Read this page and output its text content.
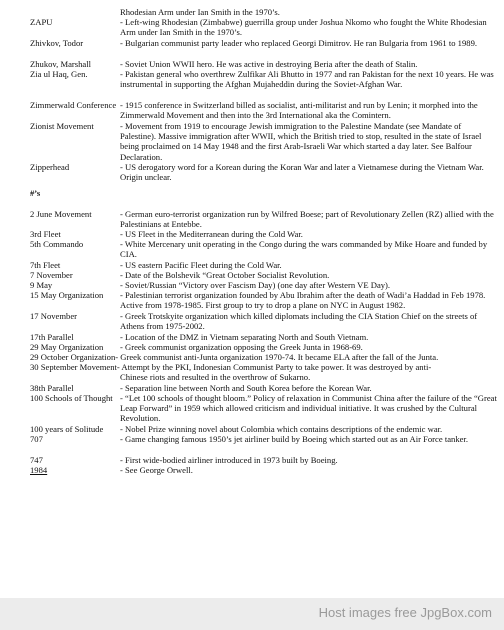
Rhodesian Arm under Ian Smith in the 1970’s.
ZAPU	- Left-wing Rhodesian (Zimbabwe) guerrilla group under Joshua Nkomo who fought the White Rhodesian Arm under Ian Smith in the 1970’s.
Zhivkov, Todor	- Bulgarian communist party leader who replaced Georgi Dimitrov. He ran Bulgaria from 1961 to 1989.
Zhukov, Marshall	- Soviet Union WWII hero. He was active in destroying Beria after the death of Stalin.
Zia ul Haq, Gen.	- Pakistan general who overthrew Zulfikar Ali Bhutto in 1977 and ran Pakistan for the next 10 years. He was instrumental in supporting the Afghan Mujaheddin during the Soviet-Afghan War.
Zimmerwald Conference - 1915 conference in Switzerland billed as socialist, anti-militarist and run by Lenin; it morphed into the Zimmerwald Movement and then into the 3rd International aka the Comintern.
Zionist Movement	- Movement from 1919 to encourage Jewish immigration to the Palestine Mandate (see Mandate of Palestine). Massive immigration after WWII, which the British tried to stop, resulted in the state of Israel being proclaimed on 14 May 1948 and the first Arab-Israeli War which started a day later. See Balfour Declaration.
Zipperhead	- US derogatory word for a Korean during the Koran War and later a Vietnamese during the Vietnam War. Origin unclear.
#’s
2 June Movement	- German euro-terrorist organization run by Wilfred Boese; part of Revolutionary Zellen (RZ) allied with the Palestinians at Entebbe.
3rd Fleet	- US Fleet in the Mediterranean during the Cold War.
5th Commando	- White Mercenary unit operating in the Congo during the wars commanded by Mike Hoare and funded by CIA.
7th Fleet	- US eastern Pacific Fleet during the Cold War.
7 November	- Date of the Bolshevik “Great October Socialist Revolution.
9 May	- Soviet/Russian “Victory over Fascism Day) (one day after Western VE Day).
15 May Organization	- Palestinian terrorist organization founded by Abu Ibrahim after the death of Wadi’a Haddad in Feb 1978. Active from 1978-1985. First group to try to drop a plane on NYC in August 1982.
17 November	- Greek Trotskyite organization which killed diplomats including the CIA Station Chief on the streets of Athens from 1975-2002.
17th Parallel	- Location of the DMZ in Vietnam separating North and South Vietnam.
29 May Organization	- Greek communist organization opposing the Greek Junta in 1968-69.
29 October Organization- Greek communist anti-Junta organization 1970-74. It became ELA after the fall of the Junta.
30 September Movement- Attempt by the PKI, Indonesian Communist Party to take power. It was destroyed by anti-
Chinese riots and resulted in the overthrow of Sukarno.
38th Parallel	- Separation line between North and South Korea before the Korean War.
100 Schools of Thought - “Let 100 schools of thought bloom.” Policy of relaxation in Communist China after the failure of the “Great Leap Forward” in 1959 which allowed criticism and individual initiative. It was crushed by the Cultural Revolution.
100 years of Solitude	- Nobel Prize winning novel about Colombia which contains descriptions of the endemic war.
707	- Game changing famous 1950’s jet airliner build by Boeing which started out as an Air Force tanker.
747	- First wide-bodied airliner introduced in 1973 built by Boeing.
1984	- See George Orwell.
Host images free JpgBox.com
